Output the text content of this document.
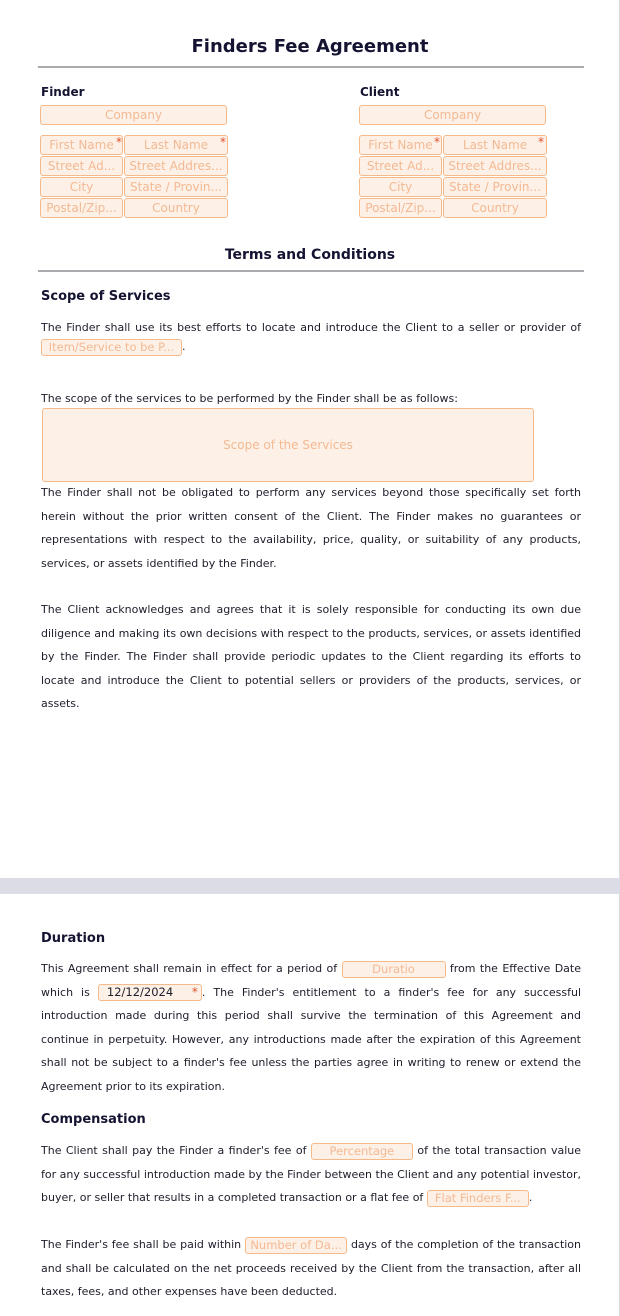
Finders Fee Agreement
Finder
Company
First Name *	Last Name *
Street Ad...	Street Addres...
City	State / Provin...
Postal/Zip...	Country
Client
Company
First Name *	Last Name *
Street Ad...	Street Addres...
City	State / Provin...
Postal/Zip...	Country
Terms and Conditions
Scope of Services
The Finder shall use its best efforts to locate and introduce the Client to a seller or provider of
Item/Service to be P... .
The scope of the services to be performed by the Finder shall be as follows:
Scope of the Services
The Finder shall not be obligated to perform any services beyond those specifically set forth herein without the prior written consent of the Client. The Finder makes no guarantees or representations with respect to the availability, price, quality, or suitability of any products, services, or assets identified by the Finder.
The Client acknowledges and agrees that it is solely responsible for conducting its own due diligence and making its own decisions with respect to the products, services, or assets identified by the Finder. The Finder shall provide periodic updates to the Client regarding its efforts to locate and introduce the Client to potential sellers or providers of the products, services, or assets.
Duration
This Agreement shall remain in effect for a period of	Duratio	from the Effective Date which is 12/12/2024 * . The Finder's entitlement to a finder's fee for any successful introduction made during this period shall survive the termination of this Agreement and continue in perpetuity. However, any introductions made after the expiration of this Agreement shall not be subject to a finder's fee unless the parties agree in writing to renew or extend the Agreement prior to its expiration.
Compensation
The Client shall pay the Finder a finder's fee of Percentage of the total transaction value for any successful introduction made by the Finder between the Client and any potential investor, buyer, or seller that results in a completed transaction or a flat fee of Flat Finders F... .
The Finder's fee shall be paid within Number of Da... days of the completion of the transaction and shall be calculated on the net proceeds received by the Client from the transaction, after all taxes, fees, and other expenses have been deducted.
